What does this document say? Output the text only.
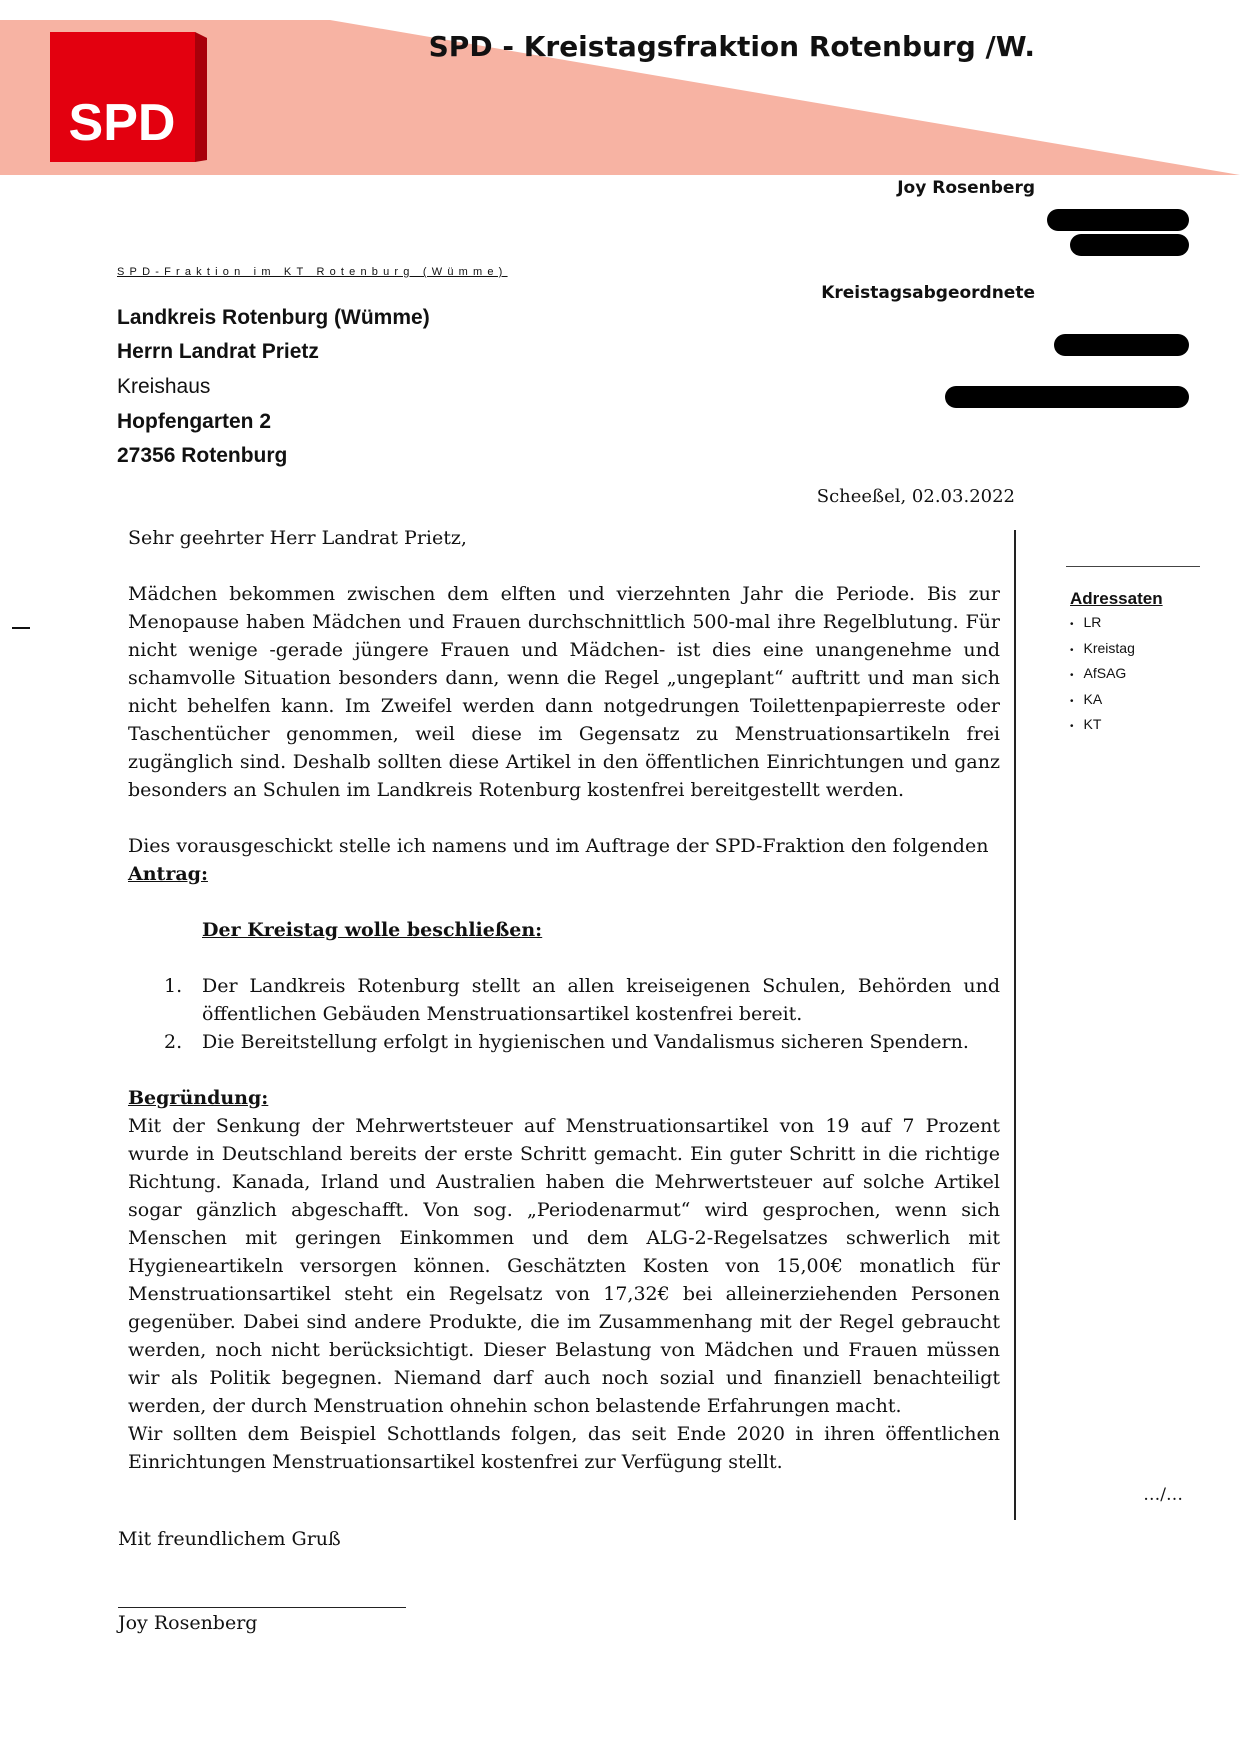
SPD
SPD - Kreistagsfraktion Rotenburg /W.
Joy Rosenberg
Kreistagsabgeordnete
SPD-Fraktion im KT Rotenburg (Wümme)
Landkreis Rotenburg (Wümme)
Herrn Landrat Prietz
Kreishaus
Hopfengarten 2
27356 Rotenburg
Scheeßel, 02.03.2022
Adressaten
• LR
• Kreistag
• AfSAG
• KA
• KT
Sehr geehrter Herr Landrat Prietz,
Mädchen bekommen zwischen dem elften und vierzehnten Jahr die Periode. Bis zur Menopause haben Mädchen und Frauen durchschnittlich 500-mal ihre Regelblutung. Für nicht wenige -gerade jüngere Frauen und Mädchen- ist dies eine unangenehme und schamvolle Situation besonders dann, wenn die Regel „ungeplant“ auftritt und man sich nicht behelfen kann. Im Zweifel werden dann notgedrungen Toilettenpapierreste oder Taschentücher genommen, weil diese im Gegensatz zu Menstruationsartikeln frei zugänglich sind. Deshalb sollten diese Artikel in den öffentlichen Einrichtungen und ganz besonders an Schulen im Landkreis Rotenburg kostenfrei bereitgestellt werden.
Dies vorausgeschickt stelle ich namens und im Auftrage der SPD-Fraktion den folgenden
Antrag:
Der Kreistag wolle beschließen:
1. Der Landkreis Rotenburg stellt an allen kreiseigenen Schulen, Behörden und öffentlichen Gebäuden Menstruationsartikel kostenfrei bereit.
2. Die Bereitstellung erfolgt in hygienischen und Vandalismus sicheren Spendern.
Begründung:
Mit der Senkung der Mehrwertsteuer auf Menstruationsartikel von 19 auf 7 Prozent wurde in Deutschland bereits der erste Schritt gemacht. Ein guter Schritt in die richtige Richtung. Kanada, Irland und Australien haben die Mehrwertsteuer auf solche Artikel sogar gänzlich abgeschafft. Von sog. „Periodenarmut“ wird gesprochen, wenn sich Menschen mit geringen Einkommen und dem ALG-2-Regelsatzes schwerlich mit Hygieneartikeln versorgen können. Geschätzten Kosten von 15,00€ monatlich für Menstruationsartikel steht ein Regelsatz von 17,32€ bei alleinerziehenden Personen gegenüber. Dabei sind andere Produkte, die im Zusammenhang mit der Regel gebraucht werden, noch nicht berücksichtigt. Dieser Belastung von Mädchen und Frauen müssen wir als Politik begegnen. Niemand darf auch noch sozial und finanziell benachteiligt werden, der durch Menstruation ohnehin schon belastende Erfahrungen macht.
Wir sollten dem Beispiel Schottlands folgen, das seit Ende 2020 in ihren öffentlichen Einrichtungen Menstruationsartikel kostenfrei zur Verfügung stellt.
…/…
Mit freundlichem Gruß
Joy Rosenberg
